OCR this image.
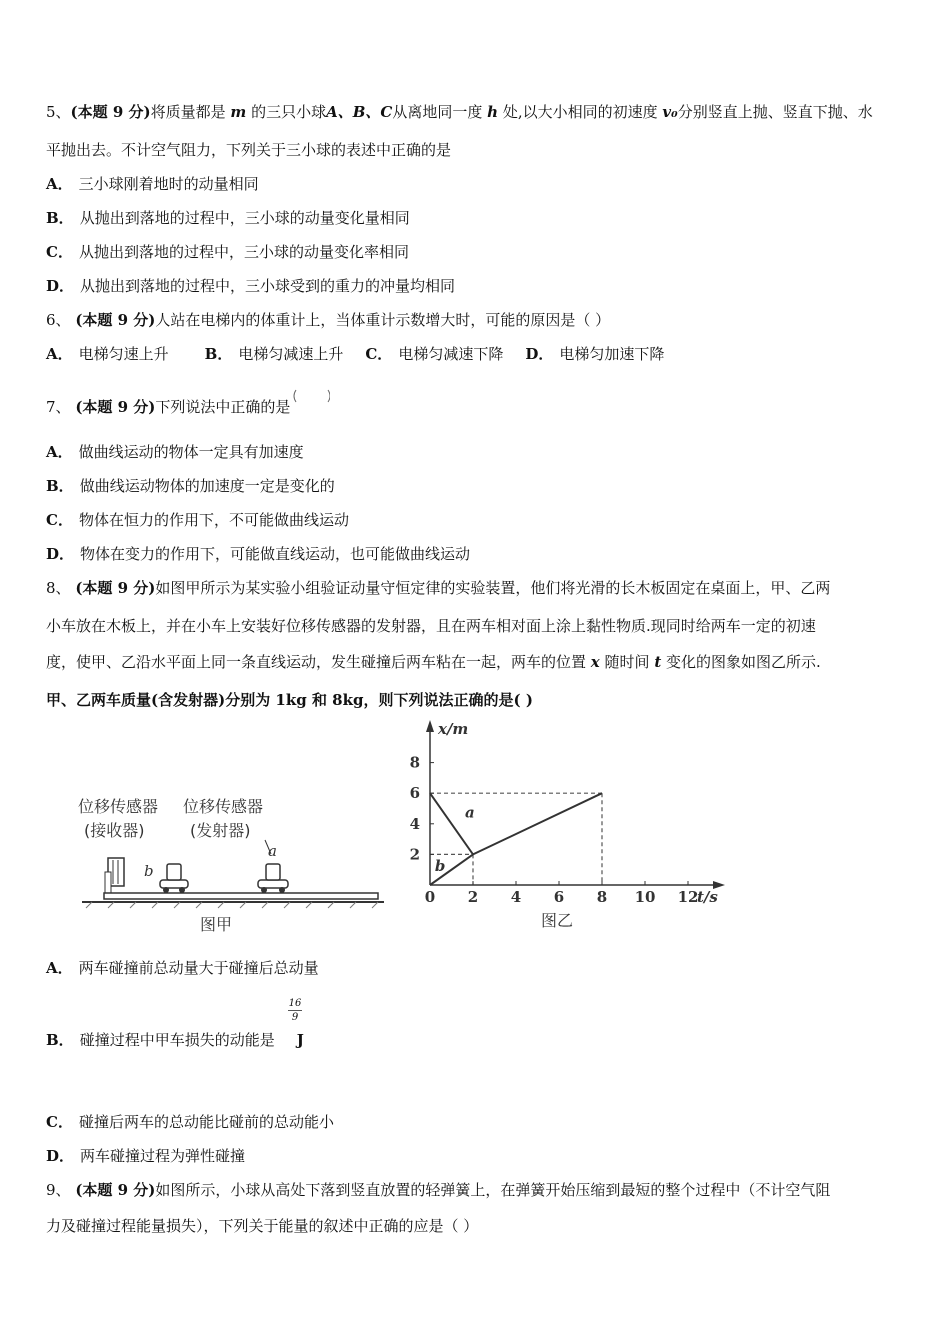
5、(本题 9 分)将质量都是 m 的三只小球A、B、C从离地同一度 h 处,以大小相同的初速度 v₀分别竖直上抛、竖直下抛、水
平抛出去。不计空气阻力，下列关于三小球的表述中正确的是
A． 三小球刚着地时的动量相同
B． 从抛出到落地的过程中，三小球的动量变化量相同
C． 从抛出到落地的过程中，三小球的动量变化率相同
D． 从抛出到落地的过程中，三小球受到的重力的冲量均相同
6、 (本题 9 分)人站在电梯内的体重计上，当体重计示数增大时，可能的原因是（ ）
A． 电梯匀速上升 B． 电梯匀减速上升 C． 电梯匀减速下降 D． 电梯匀加速下降
7、 (本题 9 分)下列说法中正确的是
A． 做曲线运动的物体一定具有加速度
B． 做曲线运动物体的加速度一定是变化的
C． 物体在恒力的作用下，不可能做曲线运动
D． 物体在变力的作用下，可能做直线运动，也可能做曲线运动
8、 (本题 9 分)如图甲所示为某实验小组验证动量守恒定律的实验装置，他们将光滑的长木板固定在桌面上，甲、乙两
小车放在木板上，并在小车上安装好位移传感器的发射器，且在两车相对面上涂上黏性物质.现同时给两车一定的初速
度，使甲、乙沿水平面上同一条直线运动，发生碰撞后两车粘在一起，两车的位置 x 随时间 t 变化的图象如图乙所示.
甲、乙两车质量(含发射器)分别为 1kg 和 8kg，则下列说法正确的是( )
位移传感器
(接收器)
位移传感器
(发射器)
b
a
图甲
0 2 4 6 8 10 12
2
4
6
8
a
b
x/m
t/s
图乙
A． 两车碰撞前总动量大于碰撞后总动量
16
9
B． 碰撞过程中甲车损失的动能是 J
C． 碰撞后两车的总动能比碰前的总动能小
D． 两车碰撞过程为弹性碰撞
9、 (本题 9 分)如图所示，小球从高处下落到竖直放置的轻弹簧上，在弹簧开始压缩到最短的整个过程中（不计空气阻
力及碰撞过程能量损失），下列关于能量的叙述中正确的应是（ ）
